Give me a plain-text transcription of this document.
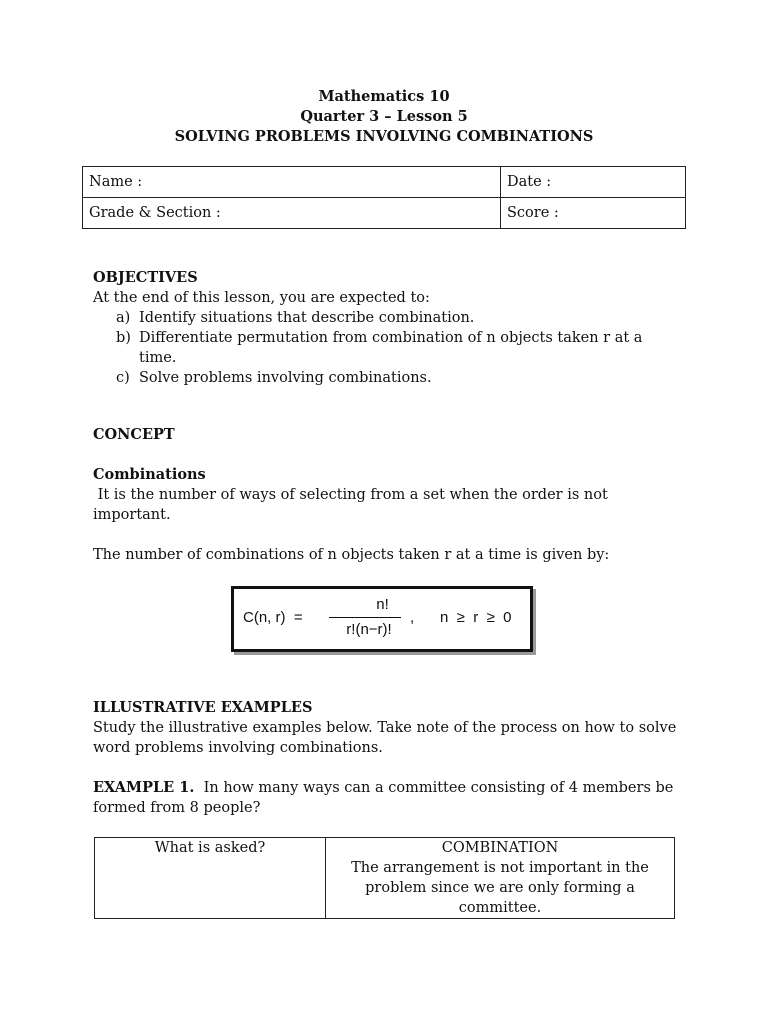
Mathematics 10
Quarter 3 – Lesson 5
SOLVING PROBLEMS INVOLVING COMBINATIONS
Name :	Date :
Grade & Section :	Score :
OBJECTIVES
At the end of this lesson, you are expected to:
a) Identify situations that describe combination.
b) Differentiate permutation from combination of n objects taken r at a time.
c) Solve problems involving combinations.
CONCEPT
Combinations
It is the number of ways of selecting from a set when the order is not important.
The number of combinations of n objects taken r at a time is given by:
C(n, r)  =
n!
r!(n−r)!
, n  ≥  r  ≥  0
ILLUSTRATIVE EXAMPLES
Study the illustrative examples below. Take note of the process on how to solve word problems involving combinations.
EXAMPLE 1.  In how many ways can a committee consisting of 4 members be formed from 8 people?
What is asked?	COMBINATION
The arrangement is not important in the problem since we are only forming a committee.
